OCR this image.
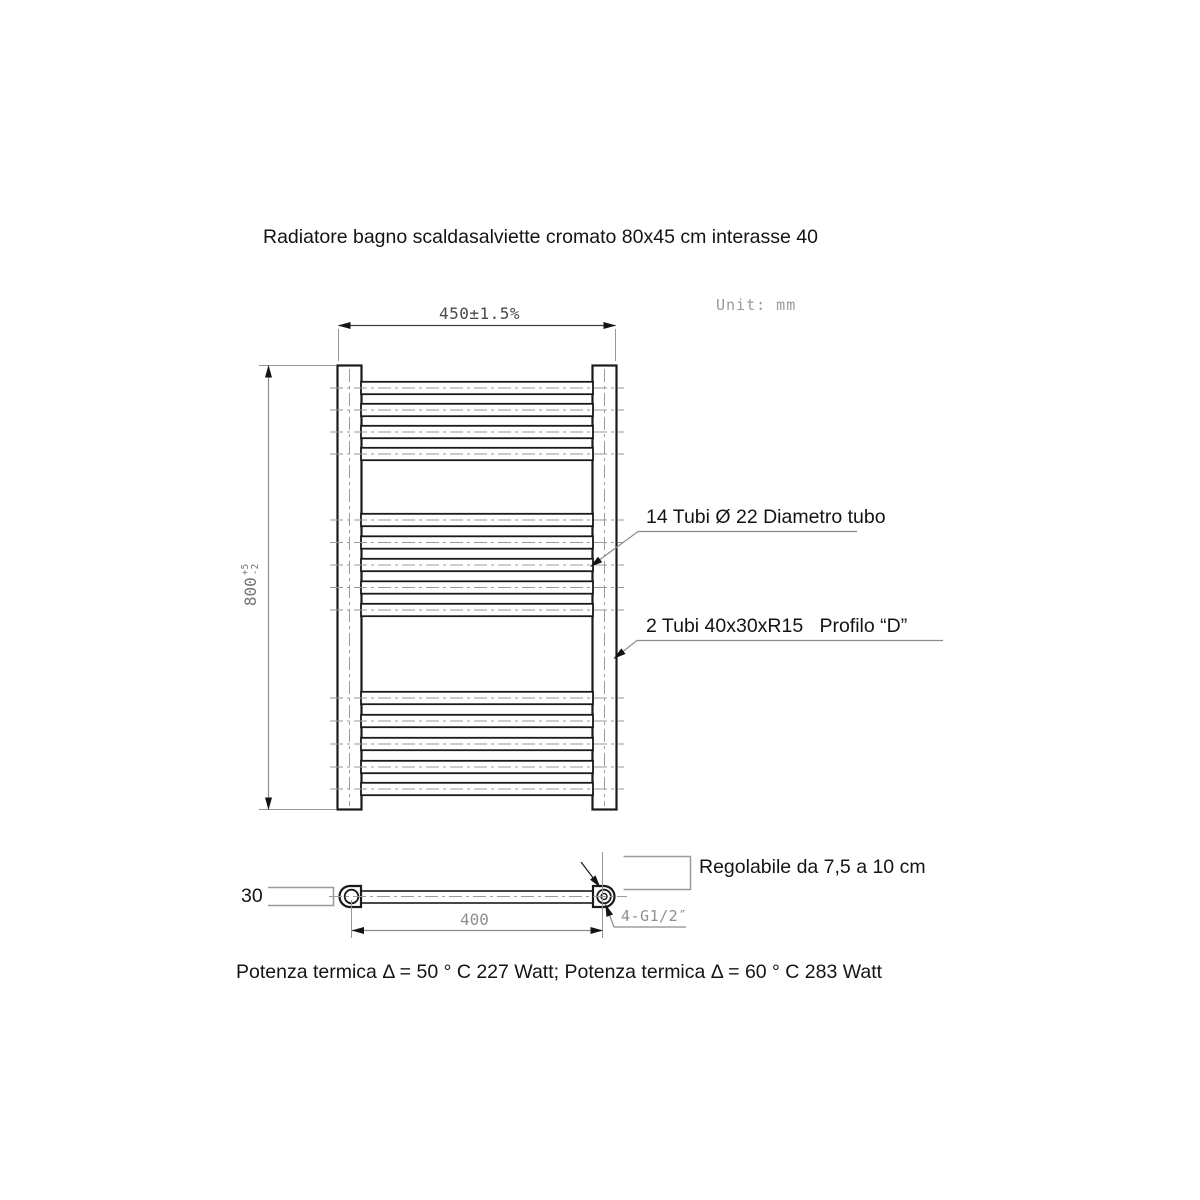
Radiatore bagno scaldasalviette cromato 80x45 cm interasse 40
Unit: mm
450±1.5%
800
+5
-2
14 Tubi Ø 22 Diametro tubo
2 Tubi 40x30xR15   Profilo “D”
30
400	4-G1/2″
Regolabile da 7,5 a 10 cm
Potenza termica Δ = 50 ° C 227 Watt; Potenza termica Δ = 60 ° C 283 Watt
